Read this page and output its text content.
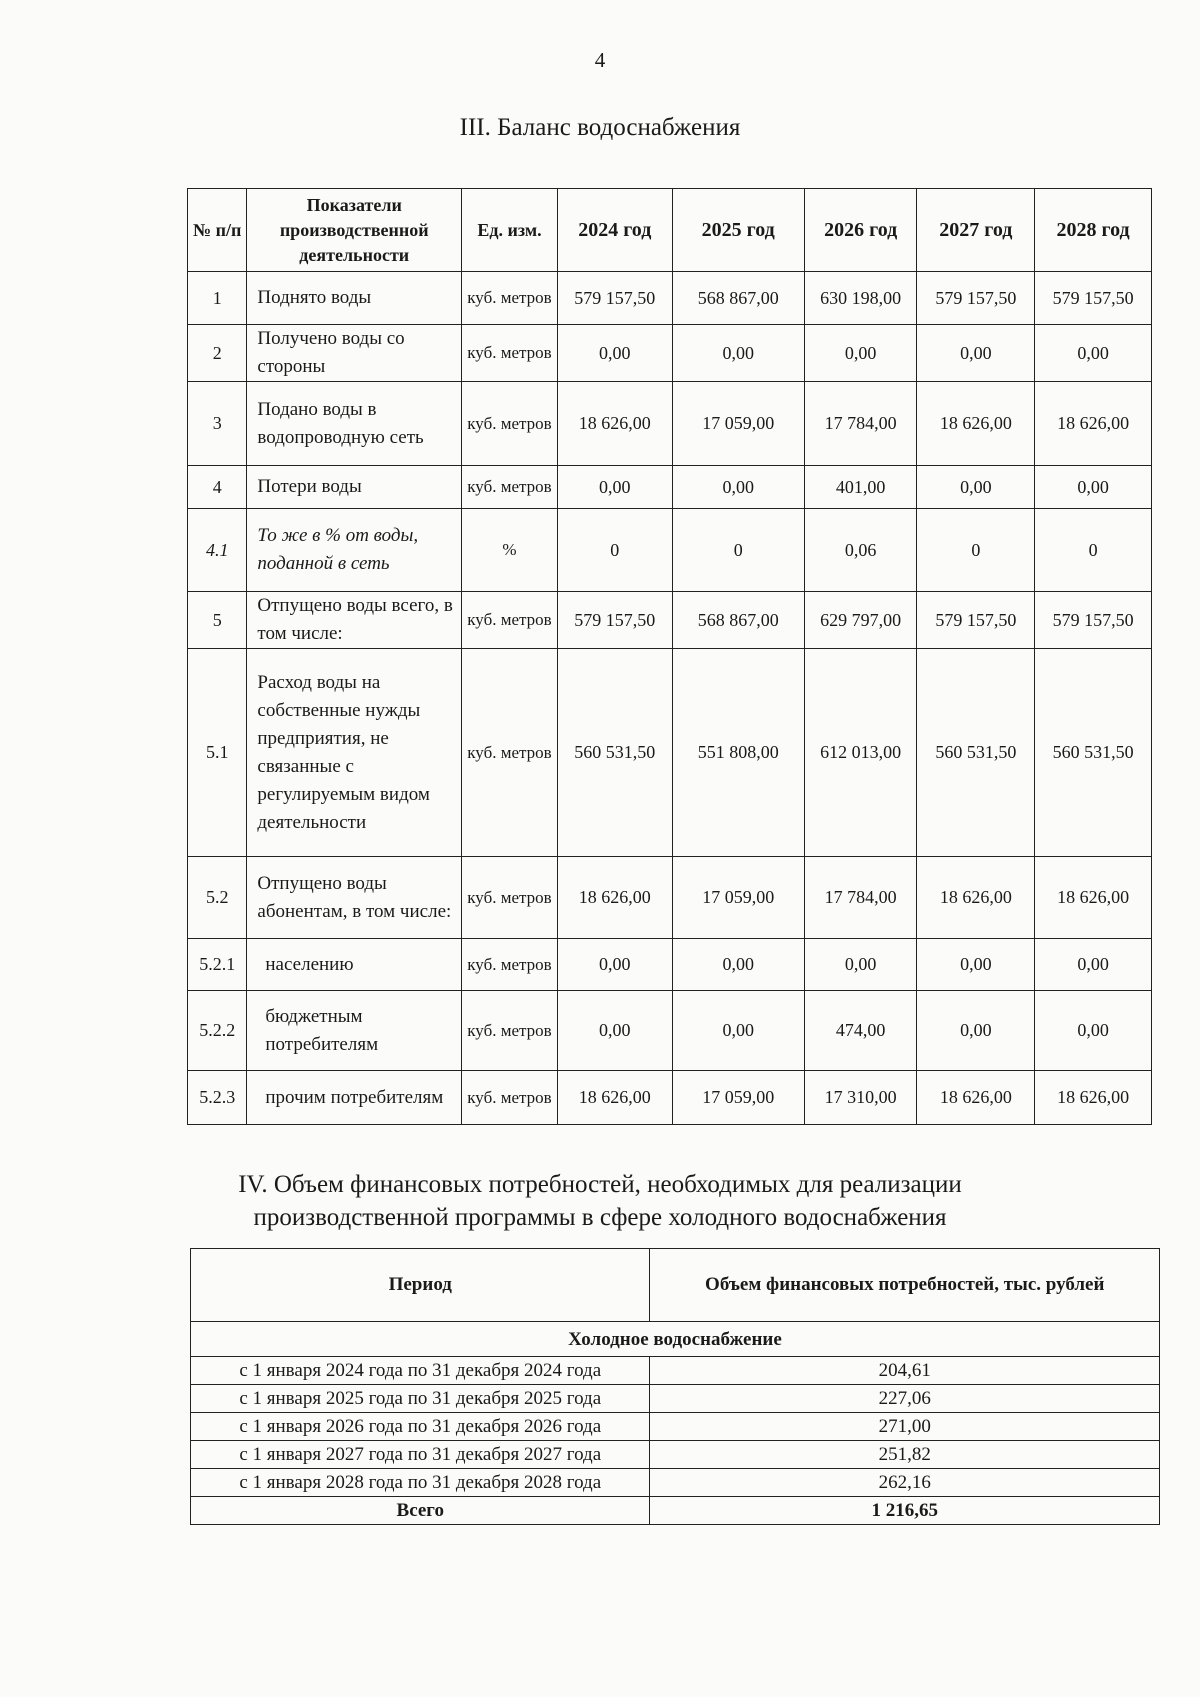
4
III. Баланс водоснабжения
№ п/п	Показатели производственной деятельности	Ед. изм.	2024 год	2025 год	2026 год	2027 год	2028 год
1	Поднято воды	куб. метров	579 157,50	568 867,00	630 198,00	579 157,50	579 157,50
2	Получено воды со стороны	куб. метров	0,00	0,00	0,00	0,00	0,00
3	Подано воды в водопроводную сеть	куб. метров	18 626,00	17 059,00	17 784,00	18 626,00	18 626,00
4	Потери воды	куб. метров	0,00	0,00	401,00	0,00	0,00
4.1	То же в % от воды, поданной в сеть	%	0	0	0,06	0	0
5	Отпущено воды всего, в том числе:	куб. метров	579 157,50	568 867,00	629 797,00	579 157,50	579 157,50
5.1	Расход воды на собственные нужды предприятия, не связанные с регулируемым видом деятельности	куб. метров	560 531,50	551 808,00	612 013,00	560 531,50	560 531,50
5.2	Отпущено воды абонентам, в том числе:	куб. метров	18 626,00	17 059,00	17 784,00	18 626,00	18 626,00
5.2.1	населению	куб. метров	0,00	0,00	0,00	0,00	0,00
5.2.2	бюджетным потребителям	куб. метров	0,00	0,00	474,00	0,00	0,00
5.2.3	прочим потребителям	куб. метров	18 626,00	17 059,00	17 310,00	18 626,00	18 626,00
IV. Объем финансовых потребностей, необходимых для реализации
производственной программы в сфере холодного водоснабжения
Период	Объем финансовых потребностей, тыс. рублей
Холодное водоснабжение	
с 1 января 2024 года по 31 декабря 2024 года	204,61
с 1 января 2025 года по 31 декабря 2025 года	227,06
с 1 января 2026 года по 31 декабря 2026 года	271,00
с 1 января 2027 года по 31 декабря 2027 года	251,82
с 1 января 2028 года по 31 декабря 2028 года	262,16
Всего	1 216,65
